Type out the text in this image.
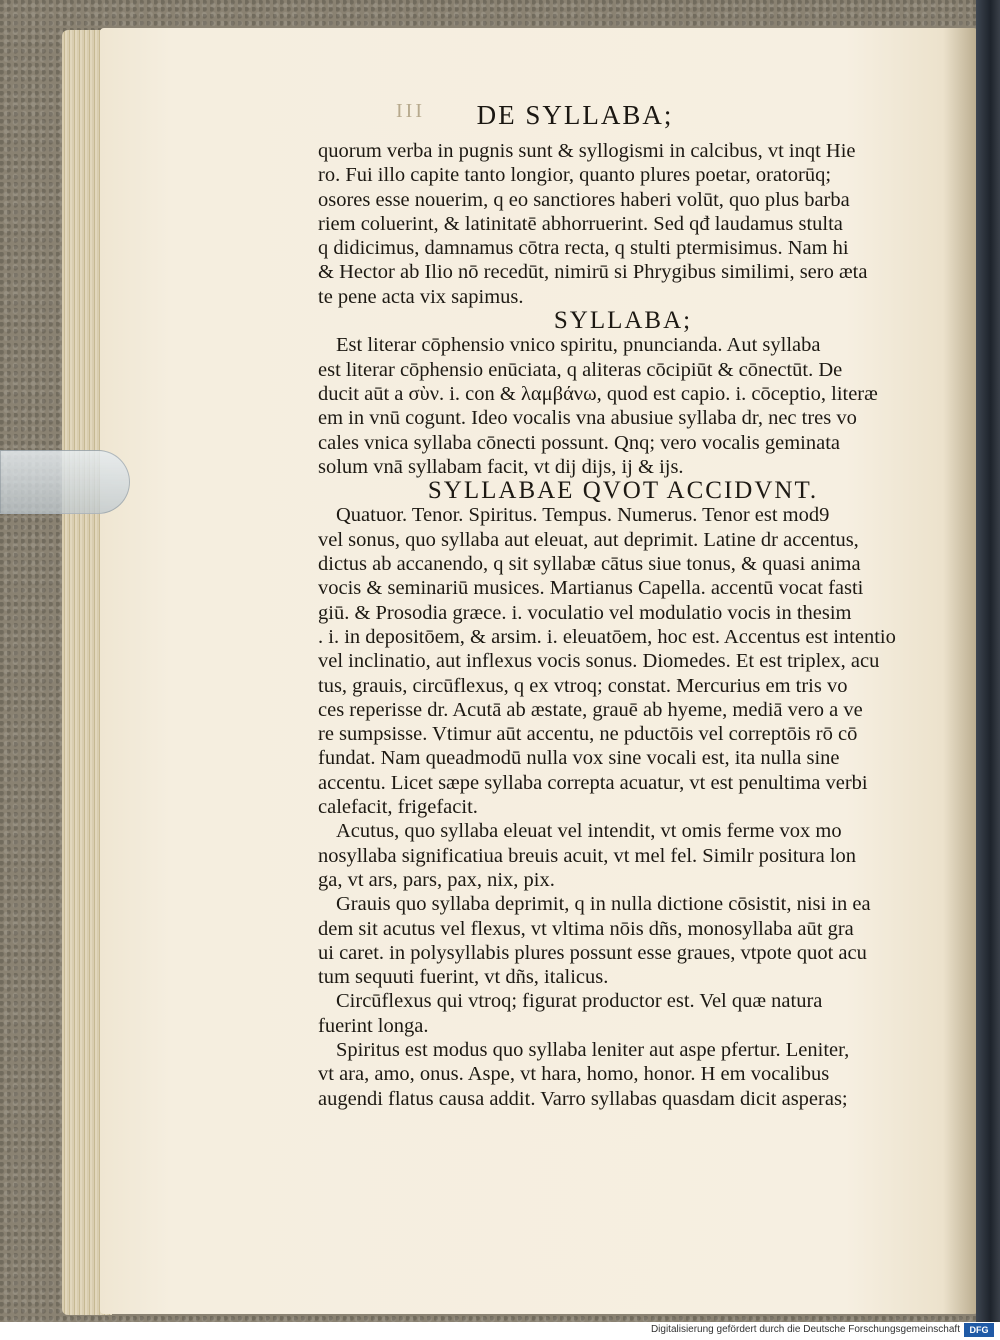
III	DE SYLLABA;
quorum verba in pugnis sunt & syllogismi in calcibus, vt inqt Hie
ro. Fui illo capite tanto longior, quanto plures poetar, oratorūq;
osores esse nouerim, q eo sanctiores haberi volūt, quo plus barba
riem coluerint, & latinitatē abhorruerint. Sed qđ laudamus stulta
q didicimus, damnamus cōtra recta, q stulti ptermisimus. Nam hi
& Hector ab Ilio nō recedūt, nimirū si Phrygibus similimi, sero æta
te pene acta vix sapimus.
SYLLABA;
Est literar cōphensio vnico spiritu, pnuncianda. Aut syllaba
est literar cōphensio enūciata, q aliteras cōcipiūt & cōnectūt. De
ducit aūt a σὺν. i. con & λαμβάνω, quod est capio. i. cōceptio, literæ
em in vnū cogunt. Ideo vocalis vna abusiue syllaba dr, nec tres vo
cales vnica syllaba cōnecti possunt. Qnq; vero vocalis geminata
solum vnā syllabam facit, vt dij dijs, ij & ijs.
SYLLABAE QVOT ACCIDVNT.
Quatuor. Tenor. Spiritus. Tempus. Numerus. Tenor est mod9
vel sonus, quo syllaba aut eleuat, aut deprimit. Latine dr accentus,
dictus ab accanendo, q sit syllabæ cātus siue tonus, & quasi anima
vocis & seminariū musices. Martianus Capella. accentū vocat fasti
giū. & Prosodia græce. i. voculatio vel modulatio vocis in thesim
. i. in depositōem, & arsim. i. eleuatōem, hoc est. Accentus est intentio
vel inclinatio, aut inflexus vocis sonus. Diomedes. Et est triplex, acu
tus, grauis, circūflexus, q ex vtroq; constat. Mercurius em tris vo
ces reperisse dr. Acutā ab æstate, grauē ab hyeme, mediā vero a ve
re sumpsisse. Vtimur aūt accentu, ne pductōis vel correptōis rō cō
fundat. Nam queadmodū nulla vox sine vocali est, ita nulla sine
accentu. Licet sæpe syllaba correpta acuatur, vt est penultima verbi
calefacit, frigefacit.
Acutus, quo syllaba eleuat vel intendit, vt omis ferme vox mo
nosyllaba significatiua breuis acuit, vt mel fel. Similr positura lon
ga, vt ars, pars, pax, nix, pix.
Grauis quo syllaba deprimit, q in nulla dictione cōsistit, nisi in ea
dem sit acutus vel flexus, vt vltima nōis dñs, monosyllaba aūt gra
ui caret. in polysyllabis plures possunt esse graues, vtpote quot acu
tum sequuti fuerint, vt dñs, italicus.
Circūflexus qui vtroq; figurat productor est. Vel quæ natura
fuerint longa.
Spiritus est modus quo syllaba leniter aut aspe pfertur. Leniter,
vt ara, amo, onus. Aspe, vt hara, homo, honor. H em vocalibus
augendi flatus causa addit. Varro syllabas quasdam dicit asperas;
Digitalisierung gefördert durch die Deutsche Forschungsgemeinschaft	DFG
